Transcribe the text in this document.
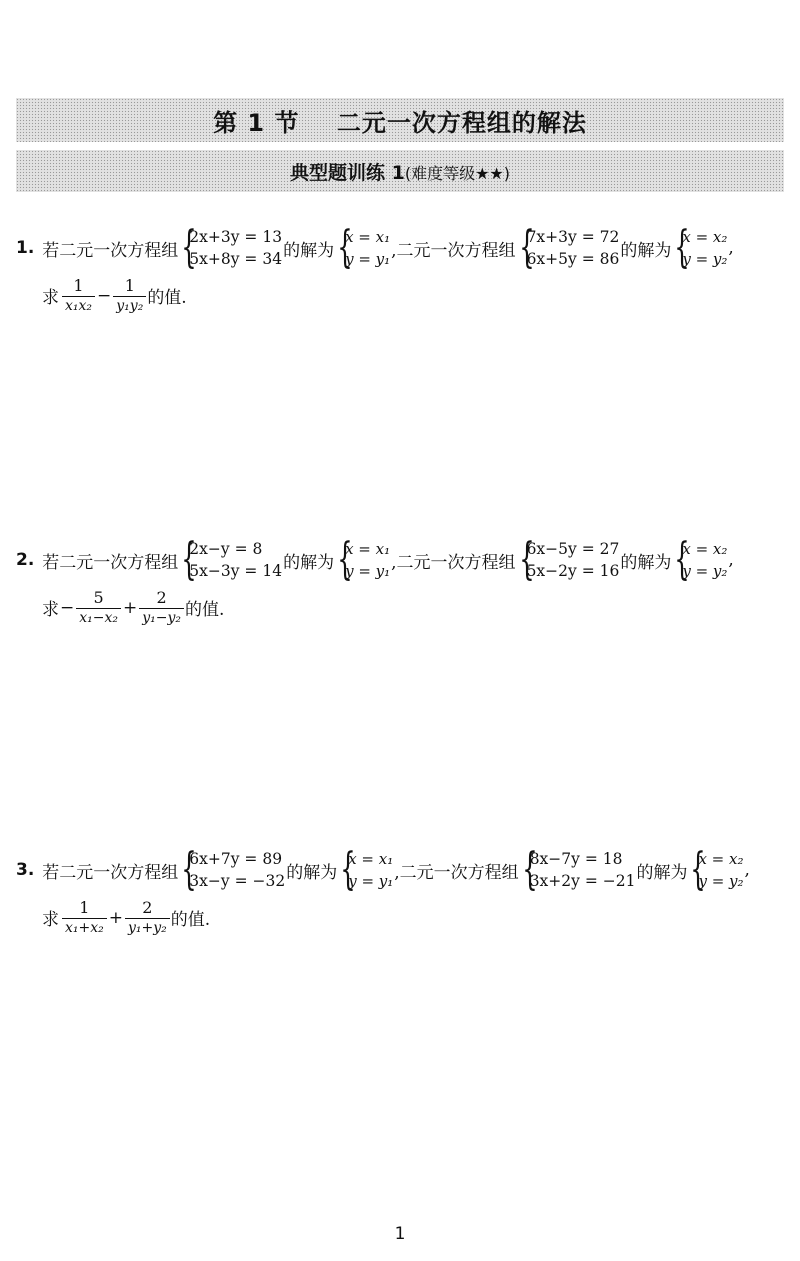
第 1 节    二元一次方程组的解法
典型题训练 1(难度等级★★)
1. 若二元一次方程组 {
2x+3y = 13
5x+8y = 34 的解为 {
x = x₁
y = y₁ ,二元一次方程组 {
7x+3y = 72
6x+5y = 86 的解为 {
x = x₂
y = y₂
,
求 $\frac{1}{\text{x₁x₂}} - \frac{1}{\text{y₁y₂}}$ 的值.
2. 若二元一次方程组 {
2x−y = 8
5x−3y = 14 的解为 {
x = x₁
y = y₁ ,二元一次方程组 {
6x−5y = 27
5x−2y = 16 的解为 {
x = x₂
y = y₂
,
求 − $\frac{5}{\text{x₁−x₂}} + \frac{2}{\text{y₁−y₂}}$ 的值.
3. 若二元一次方程组 {
6x+7y = 89
3x−y = −32 的解为 {
x = x₁
y = y₁ ,二元一次方程组 {
8x−7y = 18
3x+2y = −21 的解为 {
x = x₂
y = y₂
,
求 $\frac{1}{\text{x₁+x₂}} + \frac{2}{\text{y₁+y₂}}$ 的值.
1
